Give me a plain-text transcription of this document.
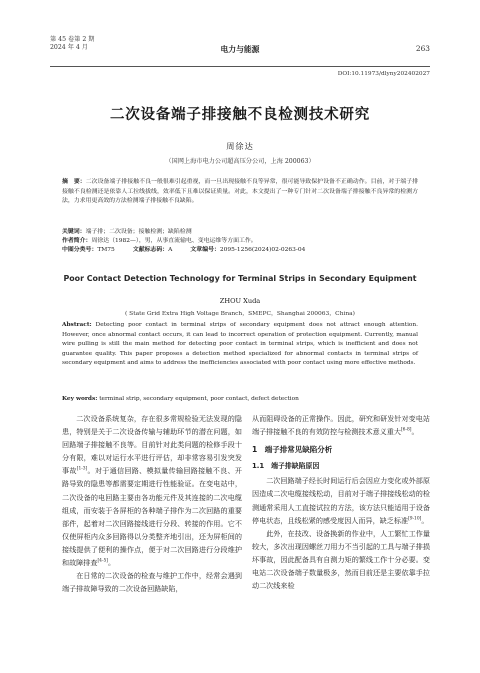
第 45 卷第 2 期
2024 年 4 月	电力与能源	263
DOI:10.11973/dlyny202402027
二次设备端子排接触不良检测技术研究
周徐达
（国网上海市电力公司超高压分公司，上海 200063）
摘　要：二次设备端子排接触不良一般很难引起重视，而一旦出现接触不良等异常，很可能导致保护设备不正确动作。目前，对于端子排接触不良检测还是依靠人工拉线拔线，效率低下且难以保证质量。对此，本文提出了一种专门针对二次设备端子排接触不良异常的检测方法，力求用更高效的方法检测端子排接触不良缺陷。
关键词：端子排；二次设备；接触检测；缺陷检测
作者简介：周徐达（1982—），男，从事直流输电、变电运维等方面工作。
中图分类号：TM75	文献标志码：A	文章编号：2095-1256(2024)02-0263-04
Poor Contact Detection Technology for Terminal Strips in Secondary Equipment
ZHOU Xuda
( State Grid Extra High Voltage Branch，SMEPC，Shanghai 200063，China)
Abstract: Detecting poor contact in terminal strips of secondary equipment does not attract enough attention. However, once abnormal contact occurs, it can lead to incorrect operation of protection equipment. Currently, manual wire pulling is still the main method for detecting poor contact in terminal strips, which is inefficient and does not guarantee quality. This paper proposes a detection method specialized for abnormal contacts in terminal strips of secondary equipment and aims to address the inefficiencies associated with poor contact using more effective methods.
Key words: terminal strip, secondary equipment, poor contact, defect detection

二次设备系统复杂，存在很多常规检验无法发现的隐患，特别是关于二次设备传输与辅助环节的潜在问题，如回路端子排接触不良等。目前针对此类问题的检修手段十分有限，难以对运行水平进行评估，却非常容易引发突发事故[1-3]。对于通信回路、模拟量传输回路接触不良、开路导致的隐患等都需要定期进行性能验证。在变电站中，二次设备的电回路主要由各功能元件及其连接的二次电缆组成，而安装于各屏柜的各种端子排作为二次回路的重要部件，起着对二次回路接线进行分段、转接的作用。它不仅使屏柜内众多回路得以分类整齐地引出，还为屏柜间的接线提供了便利的操作点，便于对二次回路进行分段维护和故障排查[4-5]。

在日常的二次设备的检查与维护工作中，经常会遇到端子排故障导致的二次设备回路缺陷，

从而阻碍设备的正常操作。因此，研究和研发针对变电站端子排接触不良的有效防控与检测技术意义重大[6-8]。

1　端子排常见缺陷分析
1.1　端子排缺陷原因

二次回路端子经长时间运行后会因应力变化或外部原因造成二次电缆接线松动，目前对于端子排接线松动的检测通常采用人工直接试拉的方法，该方法只能适用于设备停电状态，且线松紧的感受度因人而异，缺乏标准[9-10]。

此外，在技改、设备换新的作业中，人工繁忙工作量较大，多次出现因螺丝刀用力不当引起的工具与端子排损坏事故，因此配备具有自测力矩的繁线工作十分必要。变电站二次设备端子数量极多，然而目前还是主要依靠手拉动二次线来检
